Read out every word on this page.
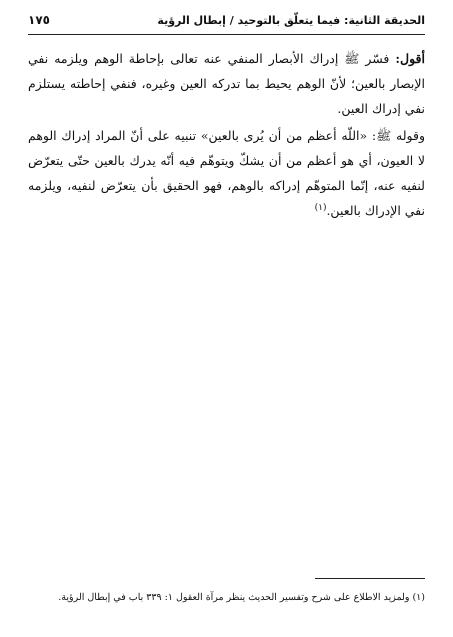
الحديقة الثانية: فيما يتعلّق بالتوحيد / إبطال الرؤية
١٧٥

أقول: فسّر ﷺ إدراك الأبصار المنفي عنه تعالى بإحاطة الوهم ويلزمه نفي الإبصار بالعين؛ لأنّ الوهم يحيط بما تدركه العين وغيره، فنفي إحاطته يستلزم نفي إدراك العين.

وقوله ﷺ: «اللّه أعظم من أن يُرى بالعين» تنبيه على أنّ المراد إدراك الوهم لا العيون، أي هو أعظم من أن يشكّ ويتوهّم فيه أنّه يدرك بالعين حتّى يتعرّض لنفيه عنه، إنّما المتوهّم إدراكه بالوهم، فهو الحقيق بأن يتعرّض لنفيه، ويلزمه نفي الإدراك بالعين.$^{(١)}$

(١) ولمزيد الاطلاع على شرح وتفسير الحديث ينظر مرآة العقول ١: ٣٣٩ باب في إبطال الرؤية.
